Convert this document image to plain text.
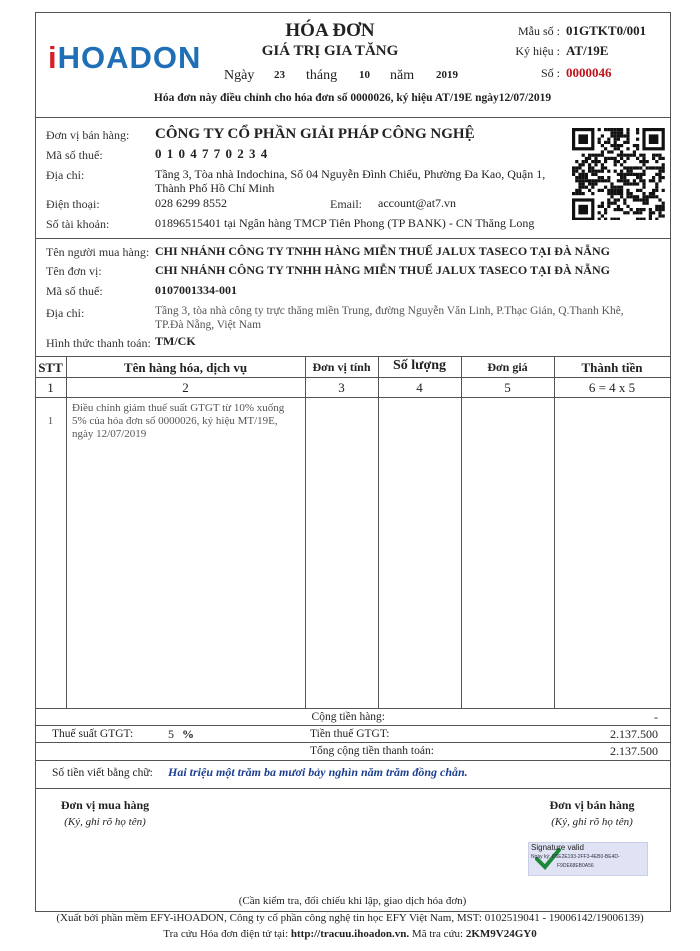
iHOADON
HÓA ĐƠN
GIÁ TRỊ GIA TĂNG
Ngày 23 tháng 10 năm 2019
Mẫu số : 01GTKT0/001
Ký hiệu : AT/19E
Số : 0000046
Hóa đơn này điều chỉnh cho hóa đơn số 0000026, ký hiệu AT/19E ngày12/07/2019
Đơn vị bán hàng: CÔNG TY CỔ PHẦN GIẢI PHÁP CÔNG NGHỆ
Mã số thuế:	0 1 0 4 7 7 0 2 3 4
Địa chỉ:	Tầng 3, Tòa nhà Indochina, Số 04 Nguyễn Đình Chiểu, Phường Đa Kao, Quận 1,
Thành Phố Hồ Chí Minh
Điện thoại:	028 6299 8552	Email: account@at7.vn
Số tài khoản:	01896515401 tại Ngân hàng TMCP Tiên Phong (TP BANK) - CN Thăng Long
Tên người mua hàng: CHI NHÁNH CÔNG TY TNHH HÀNG MIỄN THUẾ JALUX TASECO TẠI ĐÀ NẴNG
Tên đơn vị:	CHI NHÁNH CÔNG TY TNHH HÀNG MIỄN THUẾ JALUX TASECO TẠI ĐÀ NẴNG
Mã số thuế:	0107001334-001
Địa chỉ:	Tầng 3, tòa nhà công ty trực thăng miền Trung, đường Nguyễn Văn Linh, P.Thạc Gián, Q.Thanh Khê,
TP.Đà Nẵng, Việt Nam
Hình thức thanh toán: TM/CK
STT	Tên hàng hóa, dịch vụ	Đơn vị tính	Số lượng	Đơn giá	Thành tiền
1	2	3	4	5	6 = 4 x 5
1
Điều chỉnh giảm thuế suất GTGT từ 10% xuống
5% của hóa đơn số 0000026, ký hiệu MT/19E,
ngày 12/07/2019
Cộng tiền hàng:	-
Thuế suất GTGT:	5 %	Tiền thuế GTGT:	2.137.500
Tổng cộng tiền thanh toán:	2.137.500
Số tiền viết bằng chữ: Hai triệu một trăm ba mươi bảy nghìn năm trăm đồng chẵn.
Đơn vị mua hàng
(Ký, ghi rõ họ tên)
Đơn vị bán hàng
(Ký, ghi rõ họ tên)
Signature valid
Ngày ký: D6E2E193-2FF3-4EB0-BE4D-
F9DE68EB0A56
(Cần kiểm tra, đối chiếu khi lập, giao dịch hóa đơn)
(Xuất bởi phần mềm EFY-iHOADON, Công ty cổ phần công nghệ tin học EFY Việt Nam, MST: 0102519041 - 19006142/19006139)
Tra cứu Hóa đơn điện tử tại: http://tracuu.ihoadon.vn. Mã tra cứu: 2KM9V24GY0
